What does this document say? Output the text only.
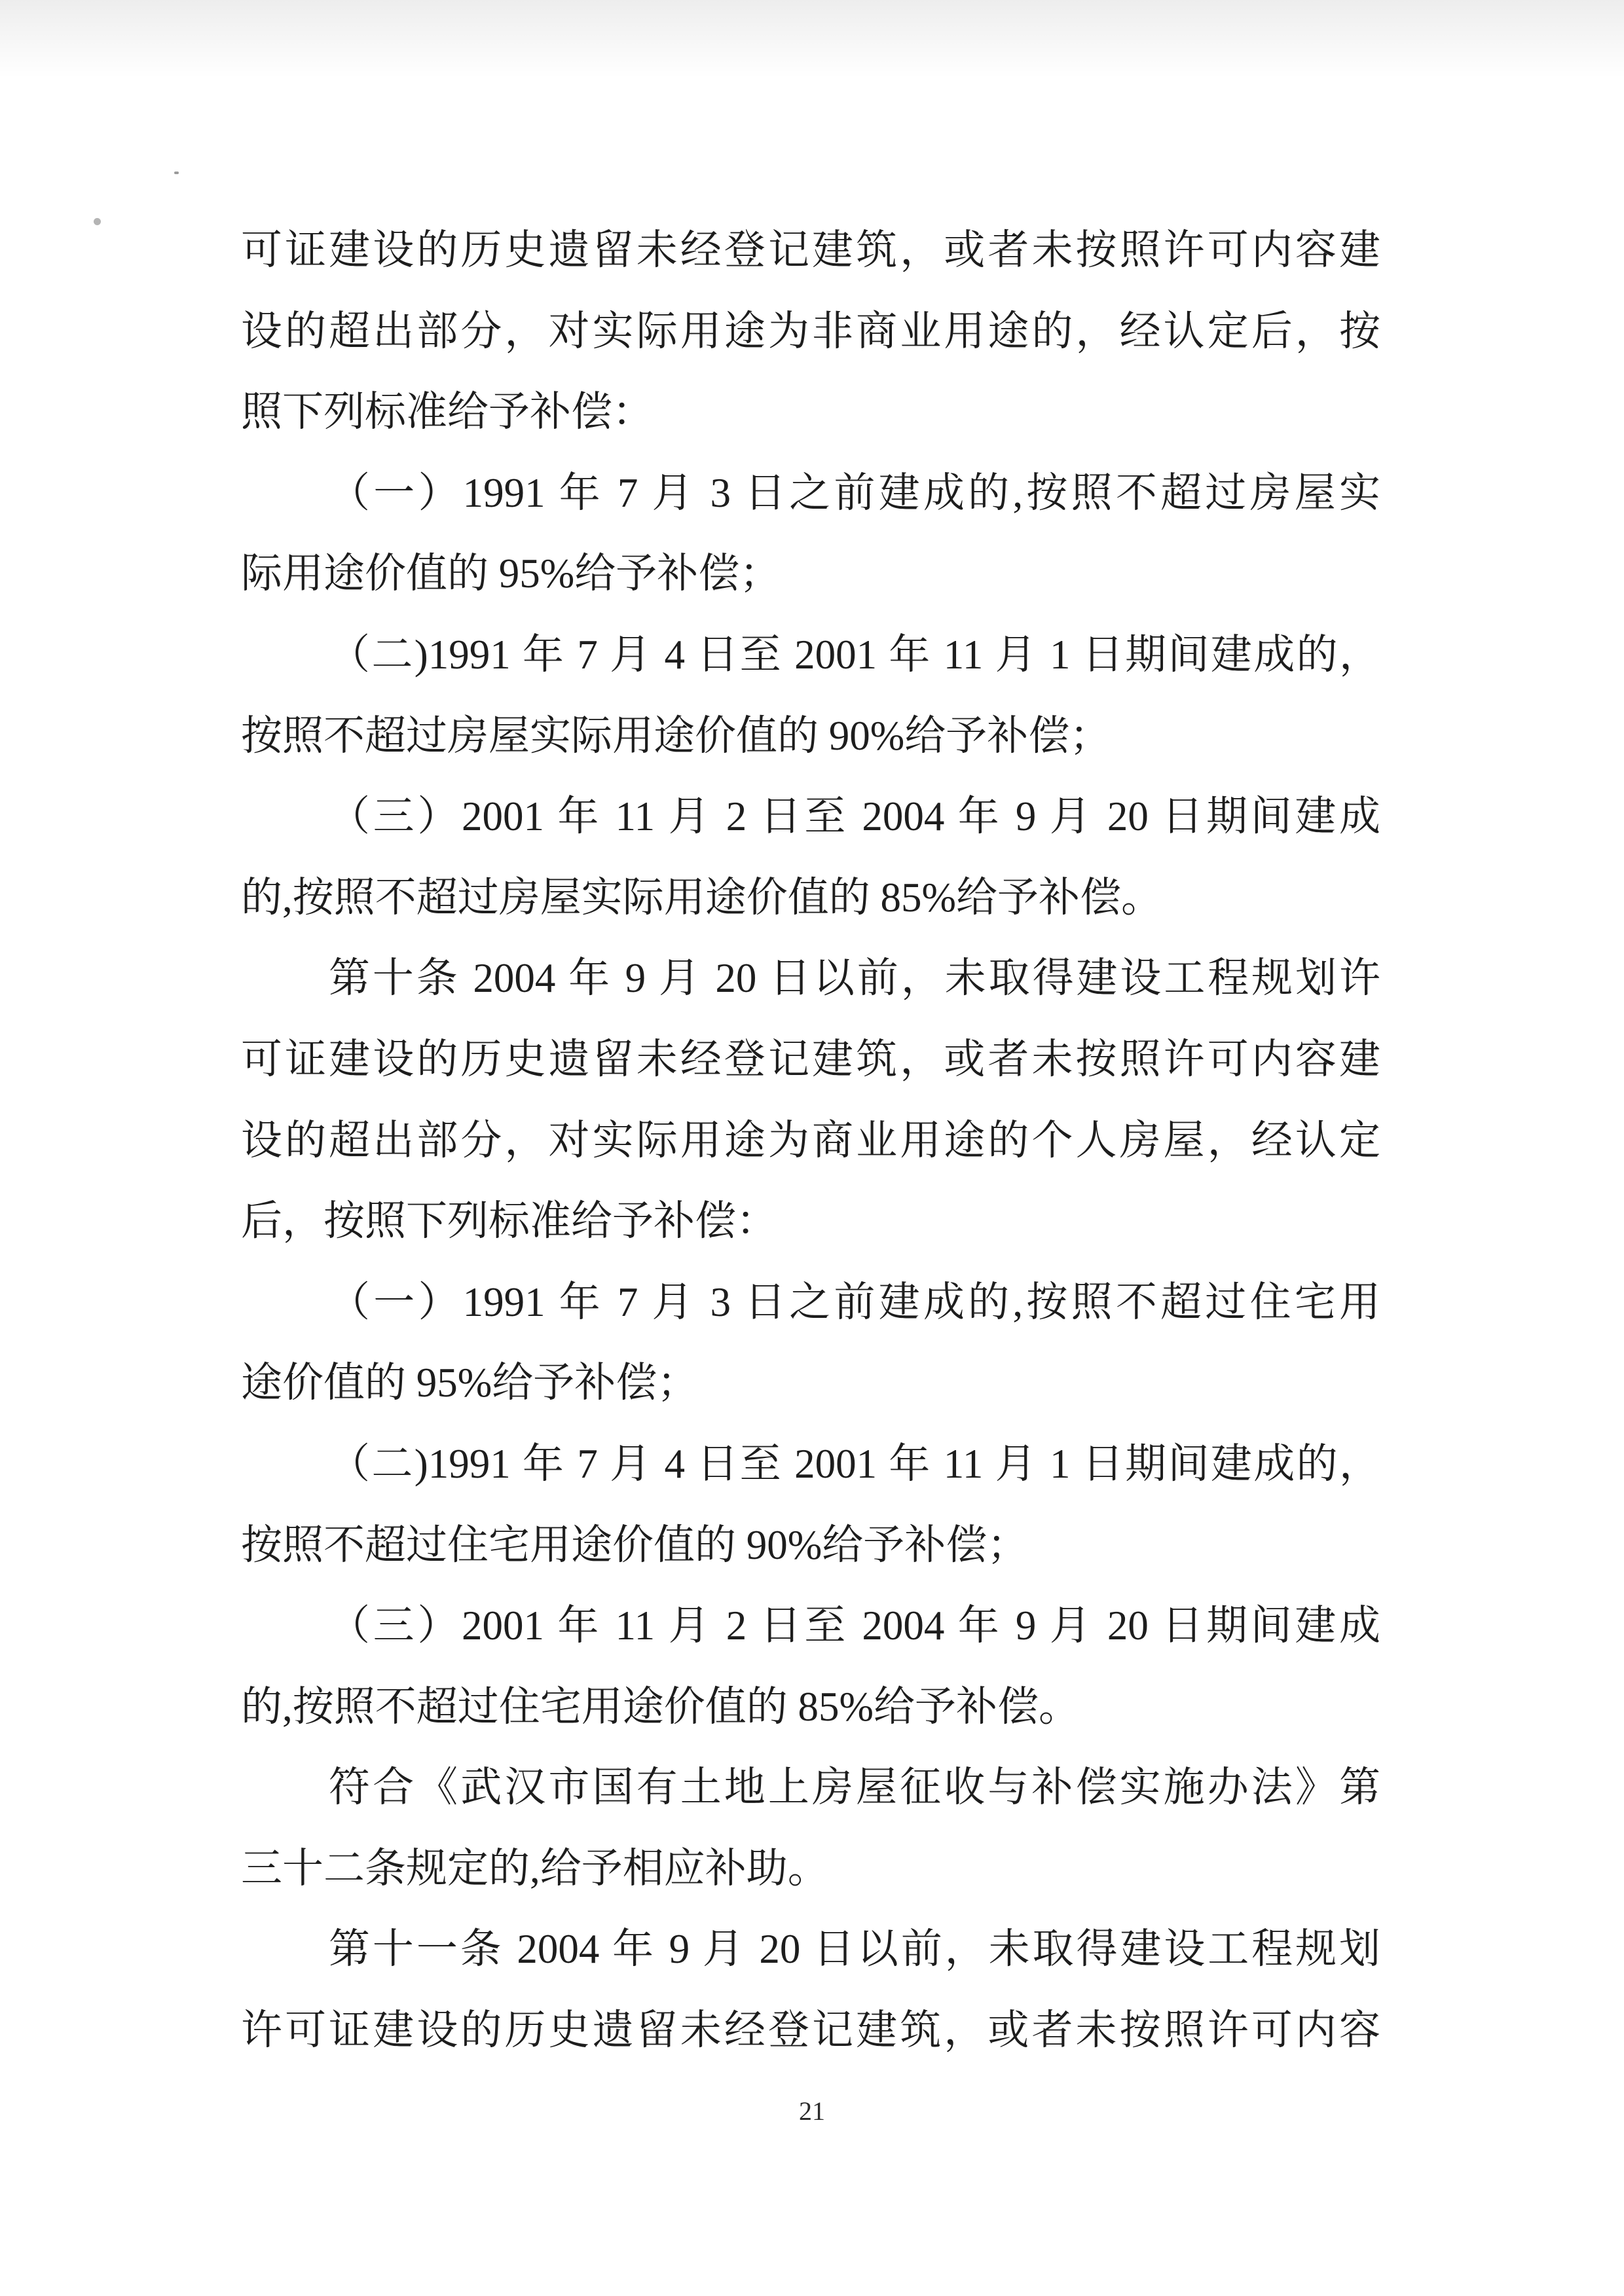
可证建设的历史遗留未经登记建筑，或者未按照许可内容建
设的超出部分，对实际用途为非商业用途的，经认定后，按
照下列标准给予补偿：
（一）1991 年 7 月 3 日之前建成的,按照不超过房屋实
际用途价值的 95%给予补偿；
（二)1991 年 7 月 4 日至 2001 年 11 月 1 日期间建成的，
按照不超过房屋实际用途价值的 90%给予补偿；
（三）2001 年 11 月 2 日至 2004 年 9 月 20 日期间建成
的,按照不超过房屋实际用途价值的 85%给予补偿。
第十条 2004 年 9 月 20 日以前，未取得建设工程规划许
可证建设的历史遗留未经登记建筑，或者未按照许可内容建
设的超出部分，对实际用途为商业用途的个人房屋，经认定
后，按照下列标准给予补偿：
（一）1991 年 7 月 3 日之前建成的,按照不超过住宅用
途价值的 95%给予补偿；
（二)1991 年 7 月 4 日至 2001 年 11 月 1 日期间建成的，
按照不超过住宅用途价值的 90%给予补偿；
（三）2001 年 11 月 2 日至 2004 年 9 月 20 日期间建成
的,按照不超过住宅用途价值的 85%给予补偿。
符合《武汉市国有土地上房屋征收与补偿实施办法》第
三十二条规定的,给予相应补助。
第十一条 2004 年 9 月 20 日以前，未取得建设工程规划
许可证建设的历史遗留未经登记建筑，或者未按照许可内容
21
